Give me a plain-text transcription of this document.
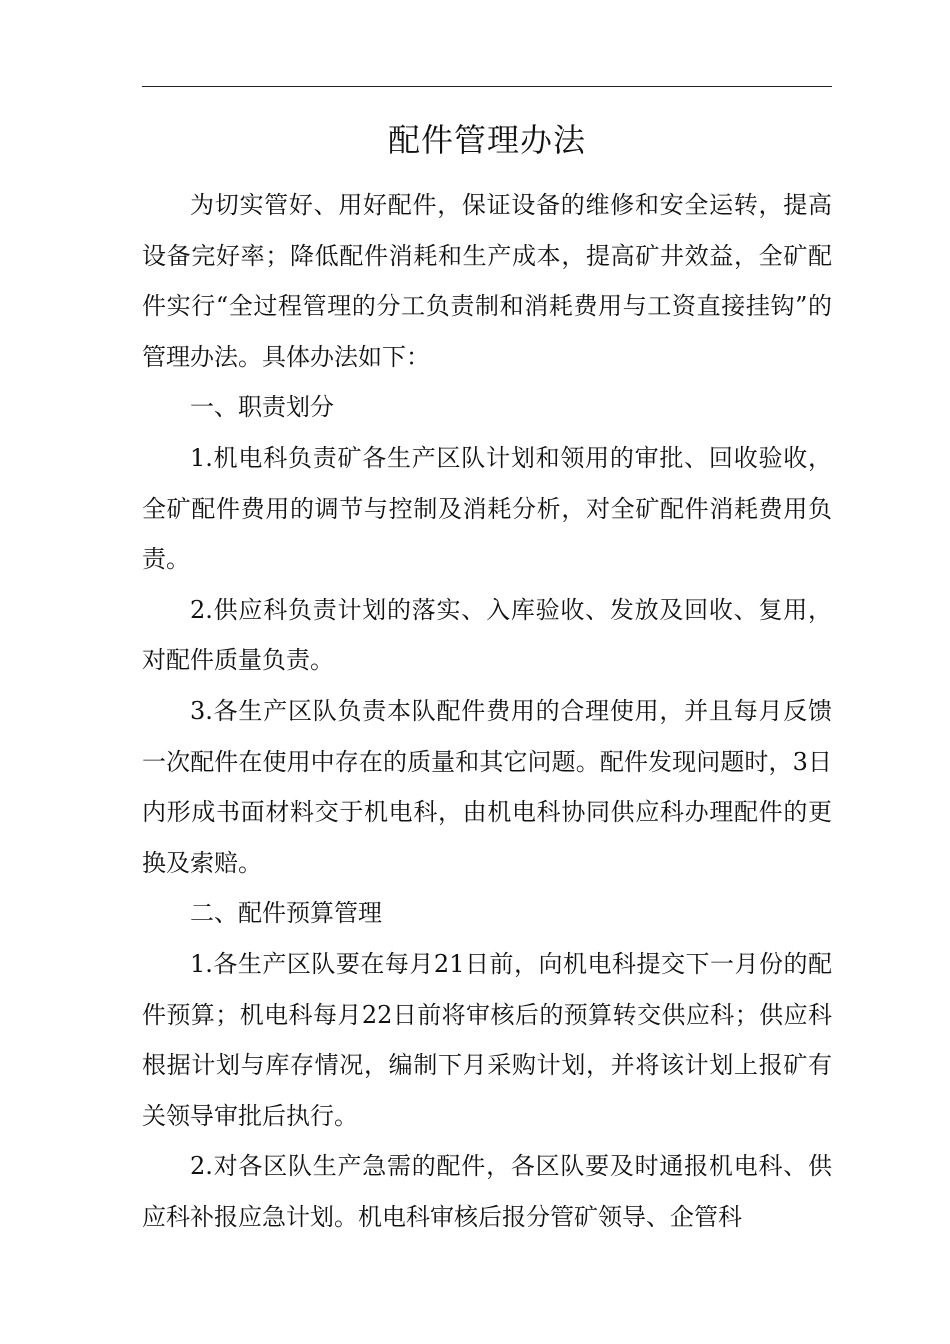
配件管理办法

为切实管好、用好配件，保证设备的维修和安全运转，提高设备完好率；降低配件消耗和生产成本，提高矿井效益，全矿配件实行“全过程管理的分工负责制和消耗费用与工资直接挂钩”的管理办法。具体办法如下：

一、职责划分

1.机电科负责矿各生产区队计划和领用的审批、回收验收，全矿配件费用的调节与控制及消耗分析，对全矿配件消耗费用负责。

2.供应科负责计划的落实、入库验收、发放及回收、复用，对配件质量负责。

3.各生产区队负责本队配件费用的合理使用，并且每月反馈一次配件在使用中存在的质量和其它问题。配件发现问题时，3日内形成书面材料交于机电科，由机电科协同供应科办理配件的更换及索赔。

二、配件预算管理

1.各生产区队要在每月21日前，向机电科提交下一月份的配件预算；机电科每月22日前将审核后的预算转交供应科；供应科根据计划与库存情况，编制下月采购计划，并将该计划上报矿有关领导审批后执行。

2.对各区队生产急需的配件，各区队要及时通报机电科、供应科补报应急计划。机电科审核后报分管矿领导、企管科
